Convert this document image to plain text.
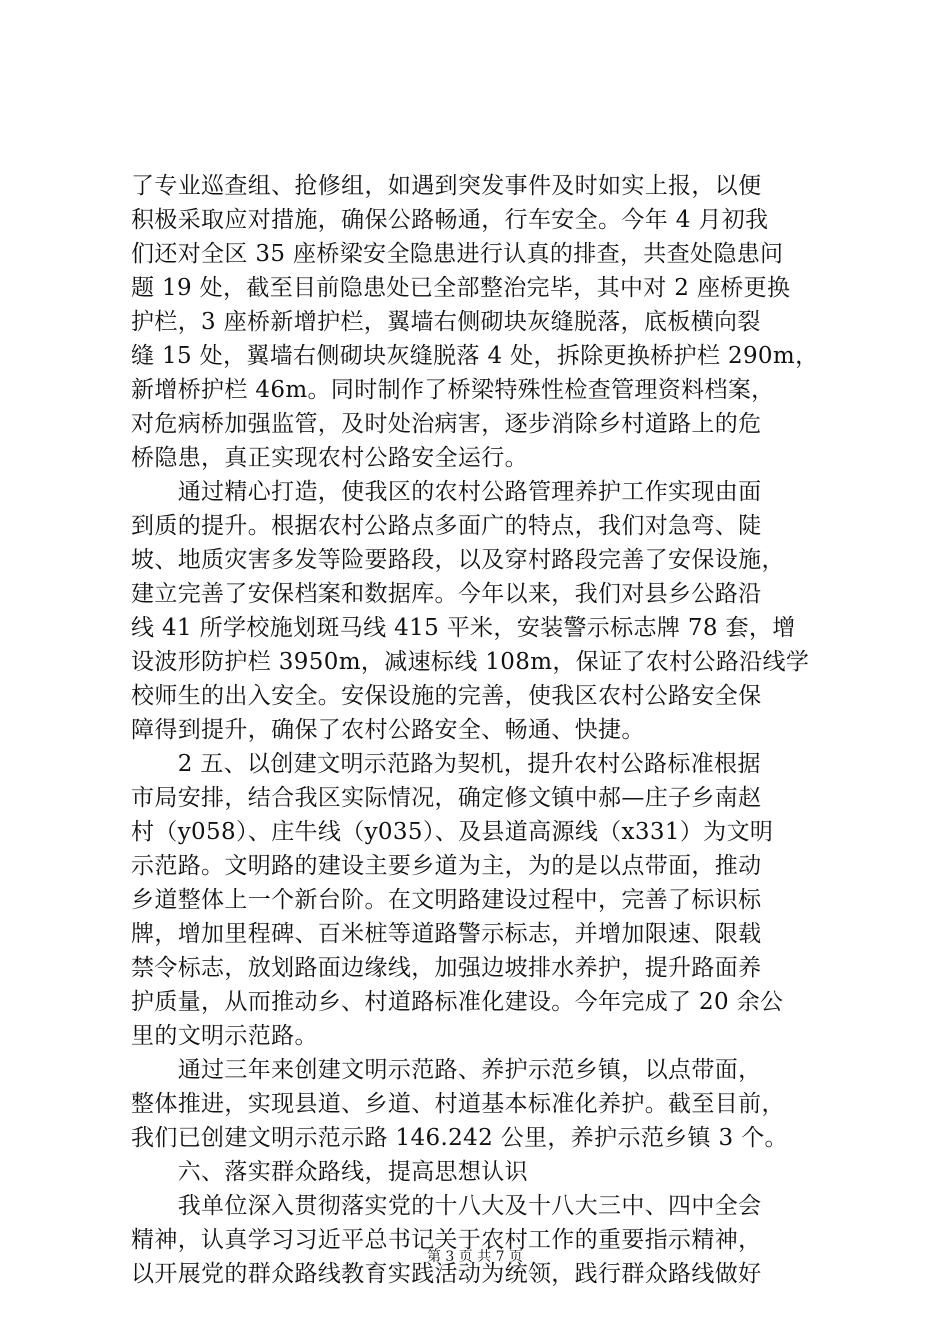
了专业巡查组、抢修组，如遇到突发事件及时如实上报，以便
积极采取应对措施，确保公路畅通，行车安全。今年 4 月初我
们还对全区 35 座桥梁安全隐患进行认真的排查，共查处隐患问
题 19 处，截至目前隐患处已全部整治完毕，其中对 2 座桥更换
护栏，3 座桥新增护栏，翼墙右侧砌块灰缝脱落，底板横向裂
缝 15 处，翼墙右侧砌块灰缝脱落 4 处，拆除更换桥护栏 290m，
新增桥护栏 46m。同时制作了桥梁特殊性检查管理资料档案，
对危病桥加强监管，及时处治病害，逐步消除乡村道路上的危
桥隐患，真正实现农村公路安全运行。
　　通过精心打造，使我区的农村公路管理养护工作实现由面
到质的提升。根据农村公路点多面广的特点，我们对急弯、陡
坡、地质灾害多发等险要路段，以及穿村路段完善了安保设施，
建立完善了安保档案和数据库。今年以来，我们对县乡公路沿
线 41 所学校施划斑马线 415 平米，安装警示标志牌 78 套，增
设波形防护栏 3950m，减速标线 108m，保证了农村公路沿线学
校师生的出入安全。安保设施的完善，使我区农村公路安全保
障得到提升，确保了农村公路安全、畅通、快捷。
　　2 五、以创建文明示范路为契机，提升农村公路标准根据
市局安排，结合我区实际情况，确定修文镇中郝—庄子乡南赵
村（y058）、庄牛线（y035）、及县道高源线（x331）为文明
示范路。文明路的建设主要乡道为主，为的是以点带面，推动
乡道整体上一个新台阶。在文明路建设过程中，完善了标识标
牌，增加里程碑、百米桩等道路警示标志，并增加限速、限载
禁令标志，放划路面边缘线，加强边坡排水养护，提升路面养
护质量，从而推动乡、村道路标准化建设。今年完成了 20 余公
里的文明示范路。
　　通过三年来创建文明示范路、养护示范乡镇，以点带面，
整体推进，实现县道、乡道、村道基本标准化养护。截至目前，
我们已创建文明示范示路 146.242 公里，养护示范乡镇 3 个。
　　六、落实群众路线，提高思想认识
　　我单位深入贯彻落实党的十八大及十八大三中、四中全会
精神，认真学习习近平总书记关于农村工作的重要指示精神，
以开展党的群众路线教育实践活动为统领，践行群众路线做好
第 3 页 共 7 页
